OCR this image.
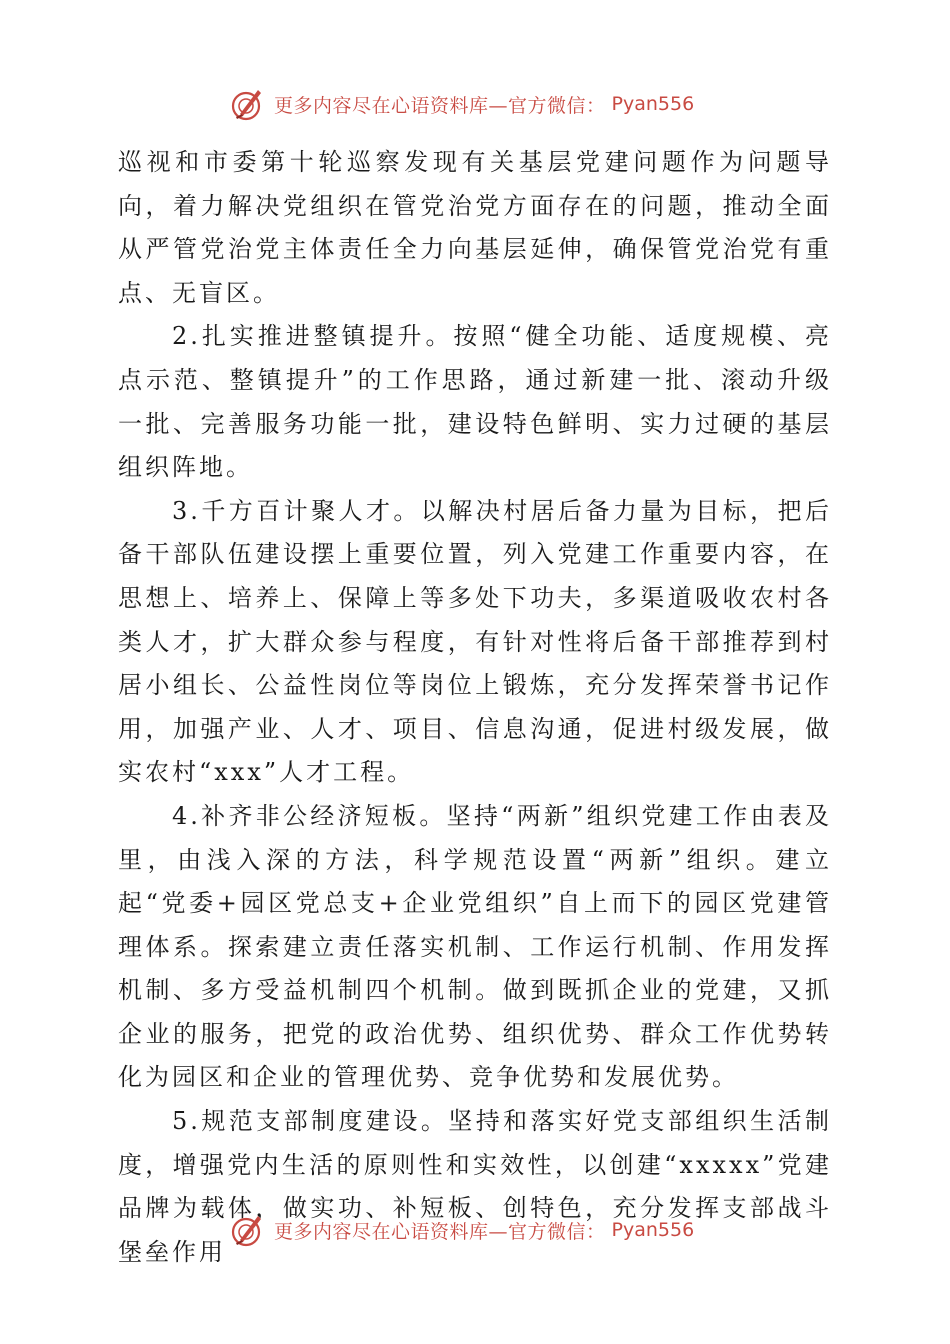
更多内容尽在心语资料库—官方微信： Pyan556

巡视和市委第十轮巡察发现有关基层党建问题作为问题导向，着力解决党组织在管党治党方面存在的问题，推动全面从严管党治党主体责任全力向基层延伸，确保管党治党有重点、无盲区。

2.扎实推进整镇提升。按照“健全功能、适度规模、亮点示范、整镇提升”的工作思路，通过新建一批、滚动升级一批、完善服务功能一批，建设特色鲜明、实力过硬的基层组织阵地。

3.千方百计聚人才。以解决村居后备力量为目标，把后备干部队伍建设摆上重要位置，列入党建工作重要内容，在思想上、培养上、保障上等多处下功夫，多渠道吸收农村各类人才，扩大群众参与程度，有针对性将后备干部推荐到村居小组长、公益性岗位等岗位上锻炼，充分发挥荣誉书记作用，加强产业、人才、项目、信息沟通，促进村级发展，做实农村“xxx”人才工程。

4.补齐非公经济短板。坚持“两新”组织党建工作由表及里，由浅入深的方法，科学规范设置“两新”组织。建立起“党委+园区党总支+企业党组织”自上而下的园区党建管理体系。探索建立责任落实机制、工作运行机制、作用发挥机制、多方受益机制四个机制。做到既抓企业的党建，又抓企业的服务，把党的政治优势、组织优势、群众工作优势转化为园区和企业的管理优势、竞争优势和发展优势。

5.规范支部制度建设。坚持和落实好党支部组织生活制度，增强党内生活的原则性和实效性，以创建“xxxxx”党建品牌为载体，做实功、补短板、创特色，充分发挥支部战斗堡垒作用

更多内容尽在心语资料库—官方微信： Pyan556
